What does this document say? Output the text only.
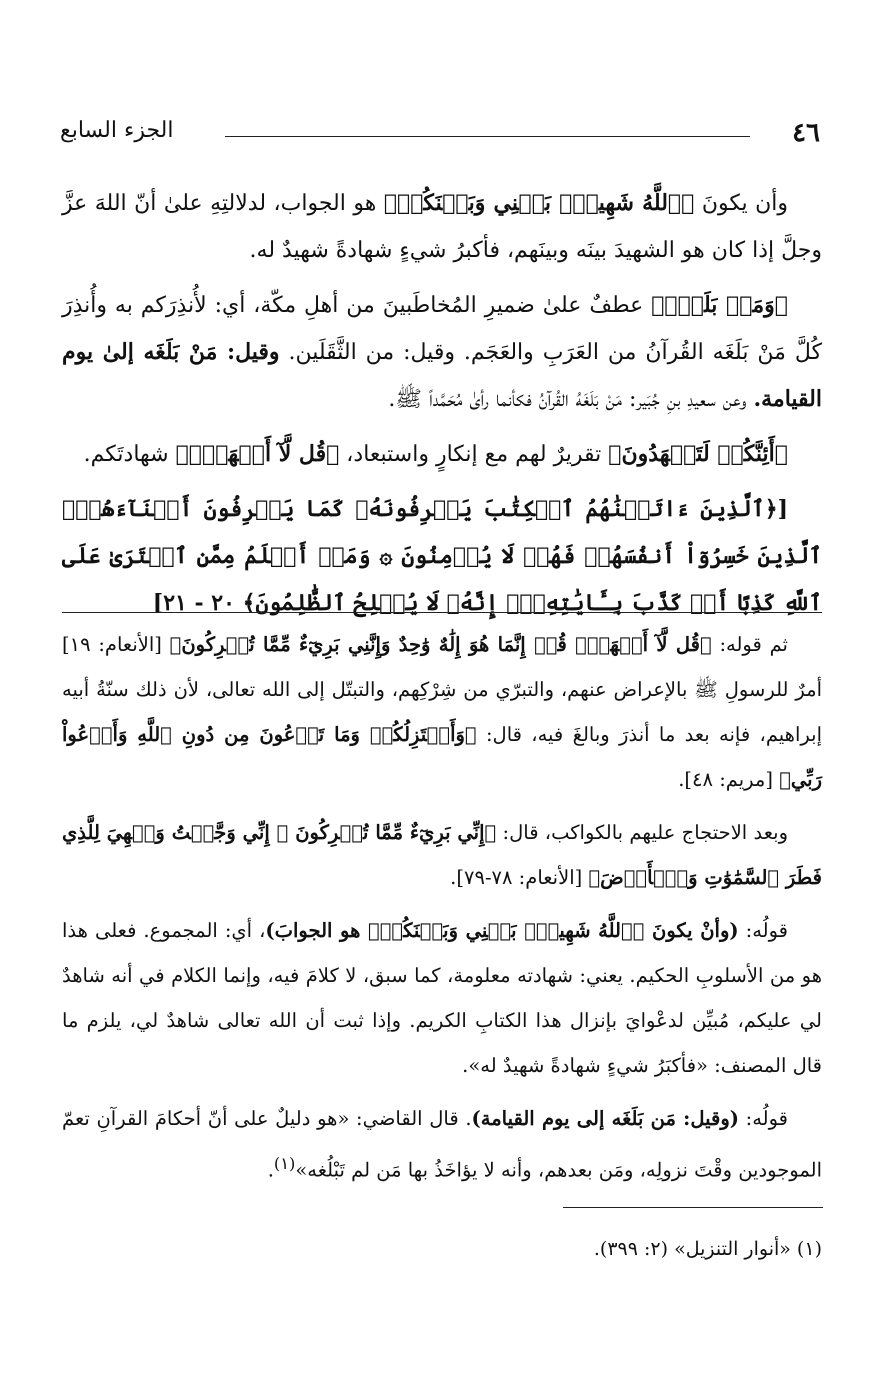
٤٦
الجزء السابع

وأن يكونَ ﴿ٱللَّهُ شَهِيدُۢ بَيۡنِي وَبَيۡنَكُمۡ﴾ هو الجواب، لدلالتِهِ علىٰ أنّ اللهَ عزَّ وجلَّ إذا كان هو الشهيدَ بينَه وبينَهم، فأكبرُ شيءٍ شهادةً شهيدٌ له.

﴿وَمَنۢ بَلَغَۚ﴾ عطفٌ علىٰ ضميرِ المُخاطَبينَ من أهلِ مكّة، أي: لأُنذِرَكم به وأُنذِرَ كُلَّ مَنْ بَلَغَه القُرآنُ من العَرَبِ والعَجَم. وقيل: من الثَّقَلَين. وقيل: مَنْ بَلَغَه إلىٰ يوم القيامة. وعن سعيدِ بنِ جُبَير: مَنْ بَلَغَهُ القُرآنُ فكأنما رأىٰ مُحَمَّداً ﷺ.

﴿أَئِنَّكُمۡ لَتَشۡهَدُونَ﴾ تقريرٌ لهم مع إنكارٍ واستبعاد، ﴿قُل لَّآ أَشۡهَدُۚ﴾ شهادتَكم.

[﴿ٱلَّذِينَ ءَاتَيۡنَٰهُمُ ٱلۡكِتَٰبَ يَعۡرِفُونَهُۥ كَمَا يَعۡرِفُونَ أَبۡنَآءَهُمُۘ ٱلَّذِينَ خَسِرُوٓاْ أَنفُسَهُمۡ فَهُمۡ لَا يُؤۡمِنُونَ ۞ وَمَنۡ أَظۡلَمُ مِمَّنِ ٱفۡتَرَىٰ عَلَى ٱللَّهِ كَذِبًا أَوۡ كَذَّبَ بِـَٔايَٰتِهِۦٓۚ إِنَّهُۥ لَا يُفۡلِحُ ٱلظَّٰلِمُونَ﴾ ٢٠ - ٢١]

ثم قوله: ﴿قُل لَّآ أَشۡهَدُۚ قُلۡ إِنَّمَا هُوَ إِلَٰهٌ وَٰحِدٌ وَإِنَّنِي بَرِيٓءٌ مِّمَّا تُشۡرِكُونَ﴾ [الأنعام: ١٩] أمرٌ للرسولِ ﷺ بالإعراض عنهم، والتبرّي من شِرْكِهم، والتبتّل إلى الله تعالى، لأن ذلك سنّةُ أبيه إبراهيم، فإنه بعد ما أنذرَ وبالغَ فيه، قال: ﴿وَأَعۡتَزِلُكُمۡ وَمَا تَدۡعُونَ مِن دُونِ ٱللَّهِ وَأَدۡعُواْ رَبِّي﴾ [مريم: ٤٨].

وبعد الاحتجاج عليهم بالكواكب، قال: ﴿إِنِّي بَرِيٓءٌ مِّمَّا تُشۡرِكُونَ ۞ إِنِّي وَجَّهۡتُ وَجۡهِيَ لِلَّذِي فَطَرَ ٱلسَّمَٰوَٰتِ وَٱلۡأَرۡضَ﴾ [الأنعام: ٧٨-٧٩].

قولُه: (وأنْ يكونَ ﴿ٱللَّهُ شَهِيدُۢ بَيۡنِي وَبَيۡنَكُمۡ﴾ هو الجوابَ)، أي: المجموع. فعلى هذا هو من الأسلوبِ الحكيم. يعني: شهادته معلومة، كما سبق، لا كلامَ فيه، وإنما الكلام في أنه شاهدٌ لي عليكم، مُبيِّن لدعْوايَ بإنزال هذا الكتابِ الكريم. وإذا ثبت أن الله تعالى شاهدٌ لي، يلزم ما قال المصنف: «فأكبَرُ شيءٍ شهادةً شهيدٌ له».

قولُه: (وقيل: مَن بَلَغَه إلى يوم القيامة). قال القاضي: «هو دليلٌ على أنّ أحكامَ القرآنِ تعمّ الموجودين وقْتَ نزولِه، ومَن بعدهم، وأنه لا يؤاخَذُ بها مَن لم تَبْلُغه»$^{(١)}$.

(١) «أنوار التنزيل» (٢: ٣٩٩).
